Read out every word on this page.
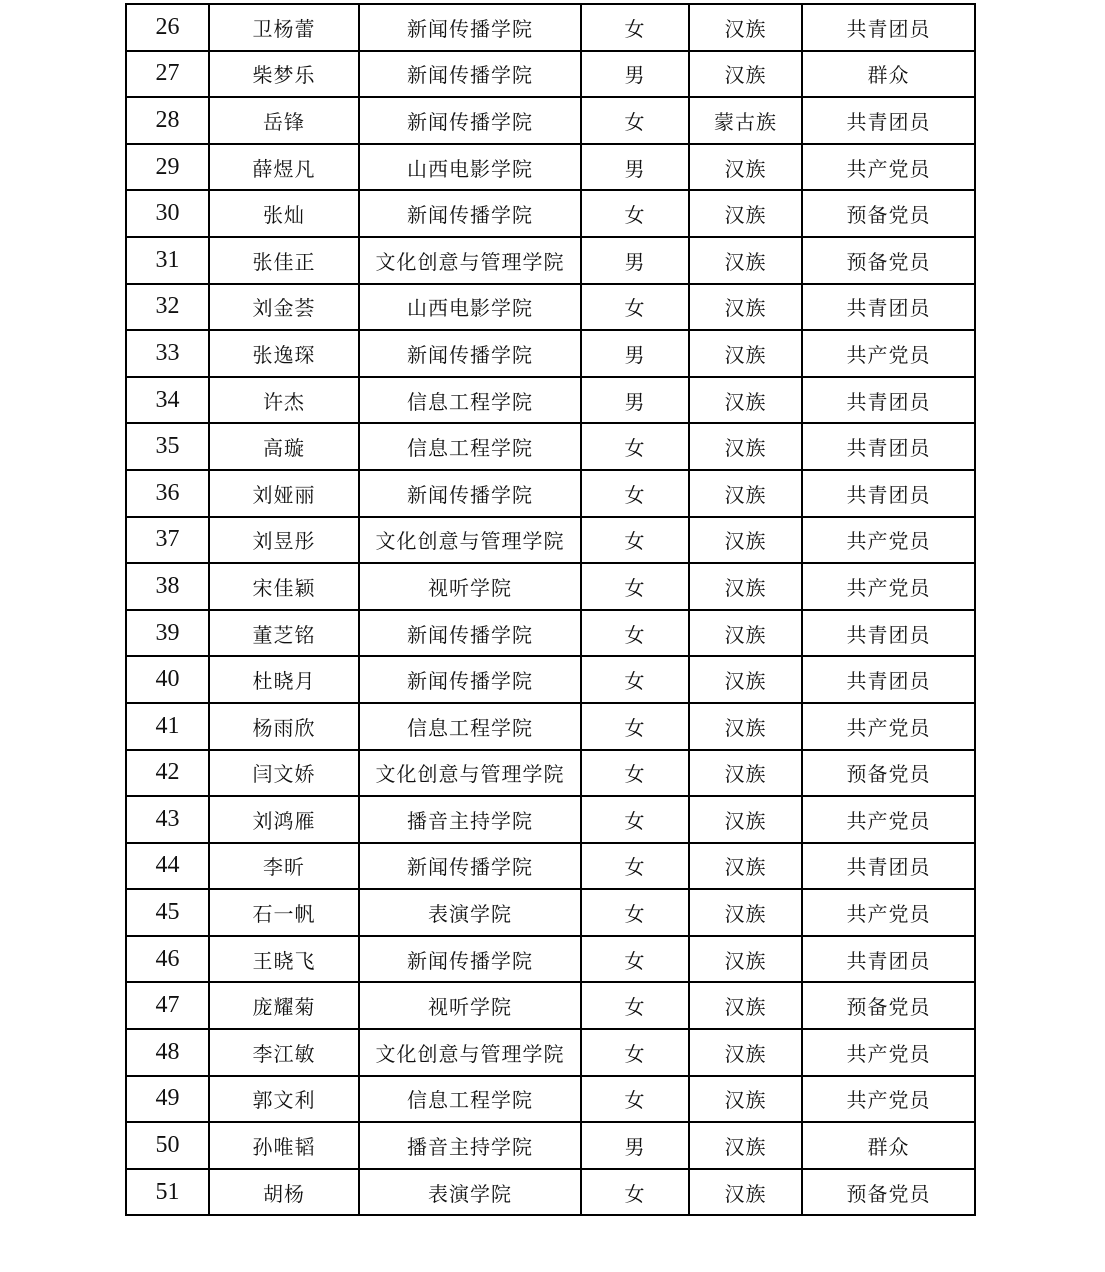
26	卫杨蕾	新闻传播学院	女	汉族	共青团员
27	柴梦乐	新闻传播学院	男	汉族	群众
28	岳锋	新闻传播学院	女	蒙古族	共青团员
29	薛煜凡	山西电影学院	男	汉族	共产党员
30	张灿	新闻传播学院	女	汉族	预备党员
31	张佳正	文化创意与管理学院	男	汉族	预备党员
32	刘金荟	山西电影学院	女	汉族	共青团员
33	张逸琛	新闻传播学院	男	汉族	共产党员
34	许杰	信息工程学院	男	汉族	共青团员
35	高璇	信息工程学院	女	汉族	共青团员
36	刘娅丽	新闻传播学院	女	汉族	共青团员
37	刘昱彤	文化创意与管理学院	女	汉族	共产党员
38	宋佳颖	视听学院	女	汉族	共产党员
39	董芝铭	新闻传播学院	女	汉族	共青团员
40	杜晓月	新闻传播学院	女	汉族	共青团员
41	杨雨欣	信息工程学院	女	汉族	共产党员
42	闫文娇	文化创意与管理学院	女	汉族	预备党员
43	刘鸿雁	播音主持学院	女	汉族	共产党员
44	李昕	新闻传播学院	女	汉族	共青团员
45	石一帆	表演学院	女	汉族	共产党员
46	王晓飞	新闻传播学院	女	汉族	共青团员
47	庞耀菊	视听学院	女	汉族	预备党员
48	李江敏	文化创意与管理学院	女	汉族	共产党员
49	郭文利	信息工程学院	女	汉族	共产党员
50	孙唯韬	播音主持学院	男	汉族	群众
51	胡杨	表演学院	女	汉族	预备党员
